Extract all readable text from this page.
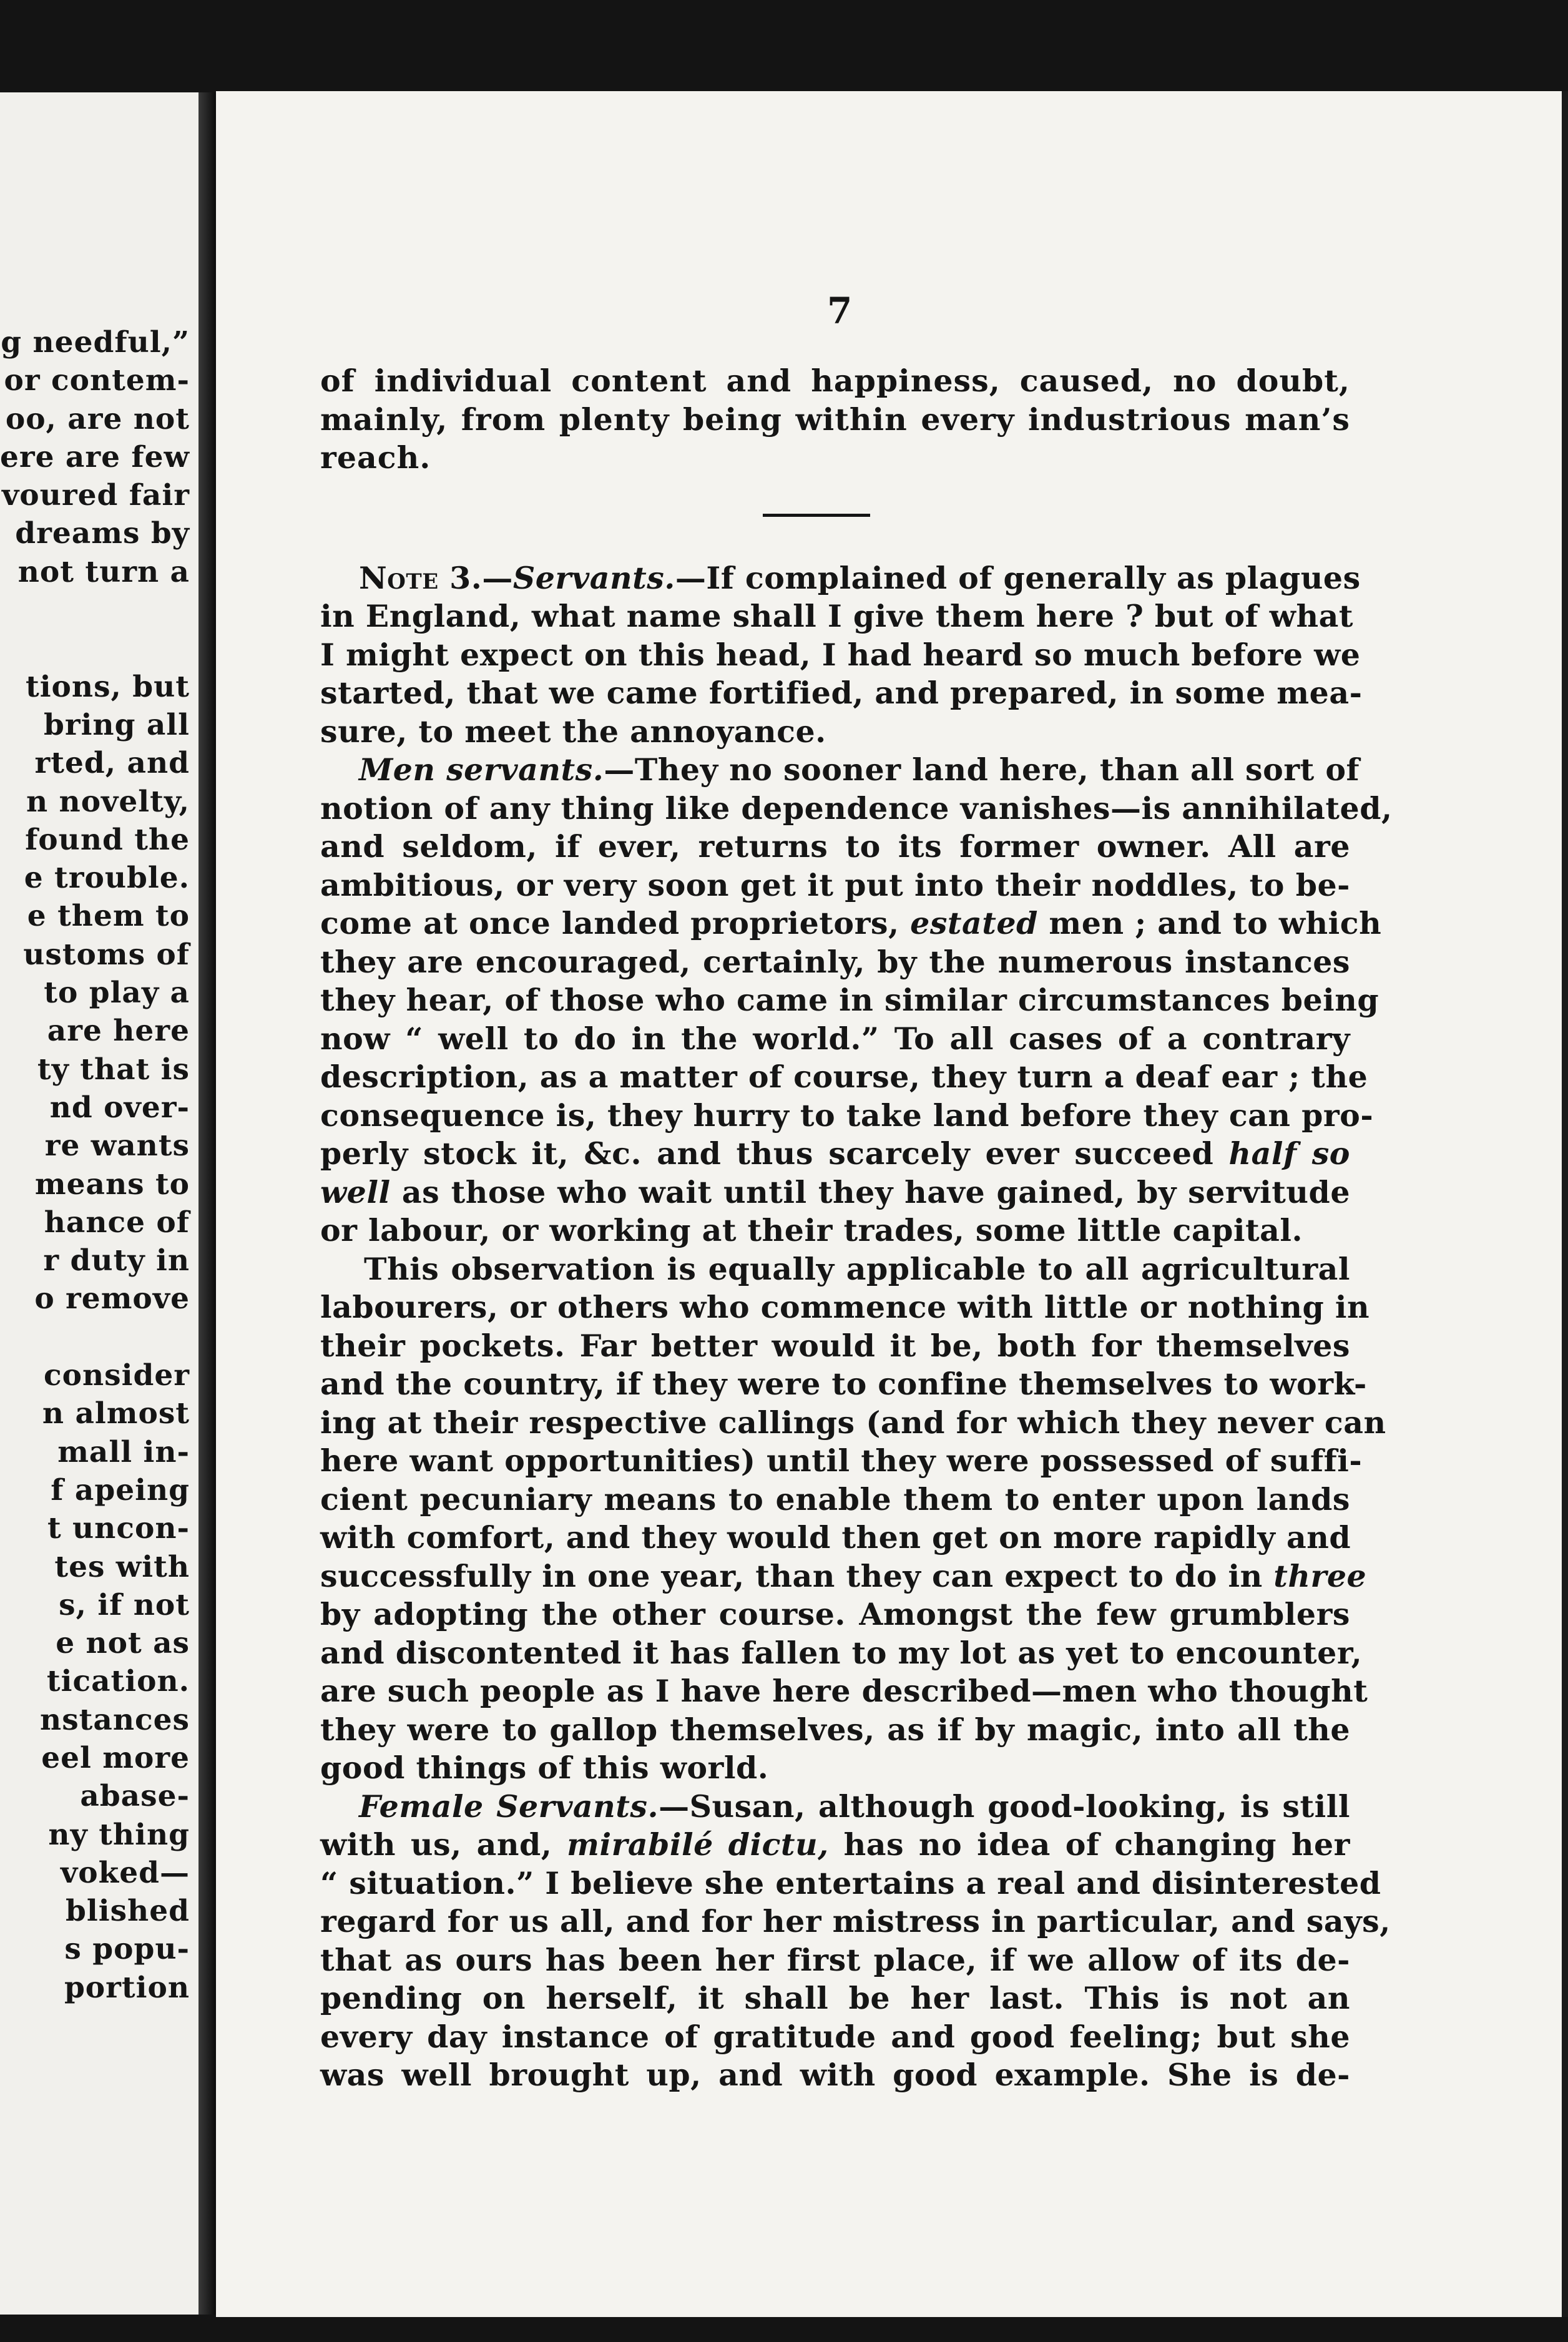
g needful,”
or contem-
oo, are not
ere are few
voured fair
dreams by
not turn a

tions, but
bring all
rted, and
n novelty,
found the
e trouble.
e them to
ustoms of
to play a
are here
ty that is
nd over-
re wants
means to
hance of
r duty in
o remove

consider
n almost
mall in-
f apeing
t uncon-
tes with
s, if not
e not as
tication.
nstances
eel more
abase-
ny thing
voked—
blished
s popu-
portion
7
of individual content and happiness, caused, no doubt,
mainly, from plenty being within every industrious man’s
reach.
Note 3.—Servants.—If complained of generally as plagues
in England, what name shall I give them here ? but of what
I might expect on this head, I had heard so much before we
started, that we came fortified, and prepared, in some mea-
sure, to meet the annoyance.
Men servants.—They no sooner land here, than all sort of
notion of any thing like dependence vanishes—is annihilated,
and seldom, if ever, returns to its former owner. All are
ambitious, or very soon get it put into their noddles, to be-
come at once landed proprietors, estated men ; and to which
they are encouraged, certainly, by the numerous instances
they hear, of those who came in similar circumstances being
now “ well to do in the world.” To all cases of a contrary
description, as a matter of course, they turn a deaf ear ; the
consequence is, they hurry to take land before they can pro-
perly stock it, &c. and thus scarcely ever succeed half so
well as those who wait until they have gained, by servitude
or labour, or working at their trades, some little capital.
This observation is equally applicable to all agricultural
labourers, or others who commence with little or nothing in
their pockets. Far better would it be, both for themselves
and the country, if they were to confine themselves to work-
ing at their respective callings (and for which they never can
here want opportunities) until they were possessed of suffi-
cient pecuniary means to enable them to enter upon lands
with comfort, and they would then get on more rapidly and
successfully in one year, than they can expect to do in three
by adopting the other course. Amongst the few grumblers
and discontented it has fallen to my lot as yet to encounter,
are such people as I have here described—men who thought
they were to gallop themselves, as if by magic, into all the
good things of this world.
Female Servants.—Susan, although good-looking, is still
with us, and, mirabilé dictu, has no idea of changing her
“ situation.” I believe she entertains a real and disinterested
regard for us all, and for her mistress in particular, and says,
that as ours has been her first place, if we allow of its de-
pending on herself, it shall be her last. This is not an
every day instance of gratitude and good feeling; but she
was well brought up, and with good example. She is de-
